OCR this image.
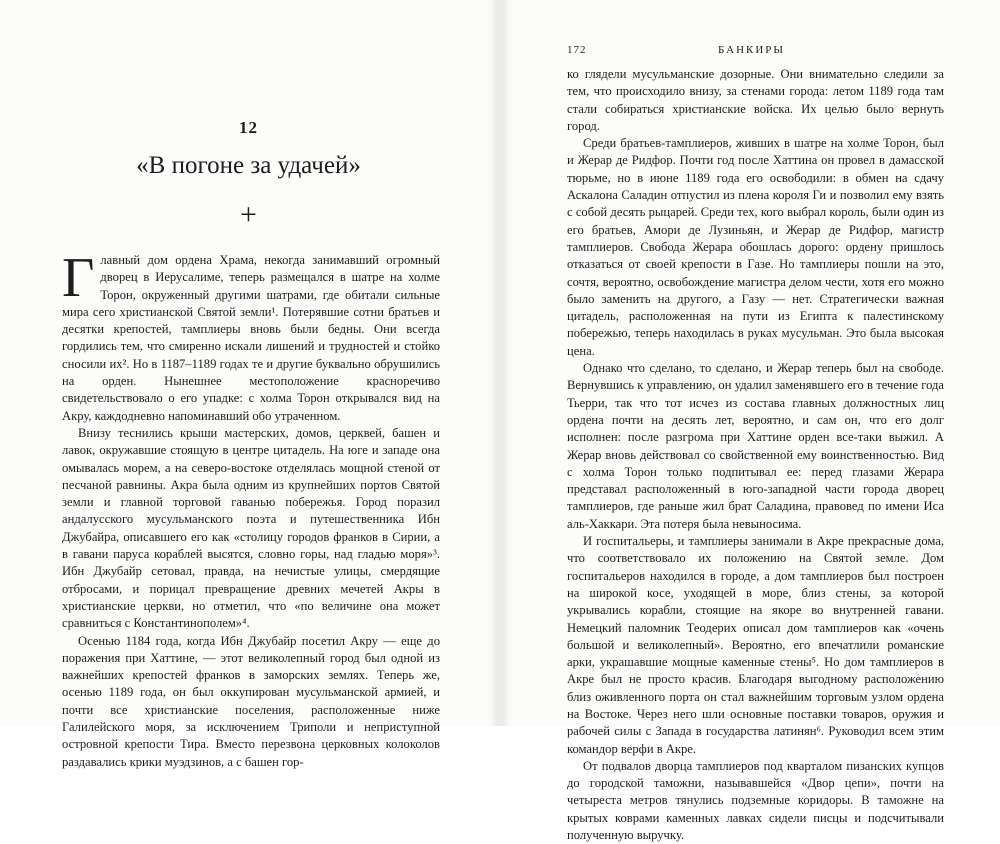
12
«В погоне за удачей»
+

Главный дом ордена Храма, некогда занимавший огромный дворец в Иерусалиме, теперь размещался в шатре на холме Торон, окруженный другими шатрами, где обитали сильные мира сего христианской Святой земли¹. Потерявшие сотни братьев и десятки крепостей, тамплиеры вновь были бедны. Они всегда гордились тем, что смиренно искали лишений и трудностей и стойко сносили их². Но в 1187–1189 годах те и другие буквально обрушились на орден. Нынешнее местоположение красноречиво свидетельствовало о его упадке: с холма Торон открывался вид на Акру, каждодневно напоминавший обо утраченном.

Внизу теснились крыши мастерских, домов, церквей, башен и лавок, окружавшие стоящую в центре цитадель. На юге и западе она омывалась морем, а на северо-востоке отделялась мощной стеной от песчаной равнины. Акра была одним из крупнейших портов Святой земли и главной торговой гаванью побережья. Город поразил андалусского мусульманского поэта и путешественника Ибн Джубайра, описавшего его как «столицу городов франков в Сирии, а в гавани паруса кораблей высятся, словно горы, над гладью моря»³. Ибн Джубайр сетовал, правда, на нечистые улицы, смердящие отбросами, и порицал превращение древних мечетей Акры в христианские церкви, но отметил, что «по величине она может сравниться с Константинополем»⁴.

Осенью 1184 года, когда Ибн Джубайр посетил Акру — еще до поражения при Хаттине, — этот великолепный город был одной из важнейших крепостей франков в заморских землях. Теперь же, осенью 1189 года, он был оккупирован мусульманской армией, и почти все христианские поселения, расположенные ниже Галилейского моря, за исключением Триполи и неприступной островной крепости Тира. Вместо перезвона церковных колоколов раздавались крики муэдзинов, а с башен гор-

172	БАНКИРЫ

ко глядели мусульманские дозорные. Они внимательно следили за тем, что происходило внизу, за стенами города: летом 1189 года там стали собираться христианские войска. Их целью было вернуть город.

Среди братьев-тамплиеров, живших в шатре на холме Торон, был и Жерар де Ридфор. Почти год после Хаттина он провел в дамасской тюрьме, но в июне 1189 года его освободили: в обмен на сдачу Аскалона Саладин отпустил из плена короля Ги и позволил ему взять с собой десять рыцарей. Среди тех, кого выбрал король, были один из его братьев, Амори де Лузиньян, и Жерар де Ридфор, магистр тамплиеров. Свобода Жерара обошлась дорого: ордену пришлось отказаться от своей крепости в Газе. Но тамплиеры пошли на это, сочтя, вероятно, освобождение магистра делом чести, хотя его можно было заменить на другого, а Газу — нет. Стратегически важная цитадель, расположенная на пути из Египта к палестинскому побережью, теперь находилась в руках мусульман. Это была высокая цена.

Однако что сделано, то сделано, и Жерар теперь был на свободе. Вернувшись к управлению, он удалил заменявшего его в течение года Тьерри, так что тот исчез из состава главных должностных лиц ордена почти на десять лет, вероятно, и сам он, что его долг исполнен: после разгрома при Хаттине орден все-таки выжил. А Жерар вновь действовал со свойственной ему воинственностью. Вид с холма Торон только подпитывал ее: перед глазами Жерара представал расположенный в юго-западной части города дворец тамплиеров, где раньше жил брат Саладина, правовед по имени Иса аль-Хаккари. Эта потеря была невыносима.

И госпитальеры, и тамплиеры занимали в Акре прекрасные дома, что соответствовало их положению на Святой земле. Дом госпитальеров находился в городе, а дом тамплиеров был построен на широкой косе, уходящей в море, близ стены, за которой укрывались корабли, стоящие на якоре во внутренней гавани. Немецкий паломник Теодерих описал дом тамплиеров как «очень большой и великолепный». Вероятно, его впечатлили романские арки, украшавшие мощные каменные стены⁵. Но дом тамплиеров в Акре был не просто красив. Благодаря выгодному расположению близ оживленного порта он стал важнейшим торговым узлом ордена на Востоке. Через него шли основные поставки товаров, оружия и рабочей силы с Запада в государства латинян⁶. Руководил всем этим командор верфи в Акре.

От подвалов дворца тамплиеров под кварталом пизанских купцов до городской таможни, называвшейся «Двор цепи», почти на четыреста метров тянулись подземные коридоры. В таможне на крытых коврами каменных лавках сидели писцы и подсчитывали полученную выручку.
